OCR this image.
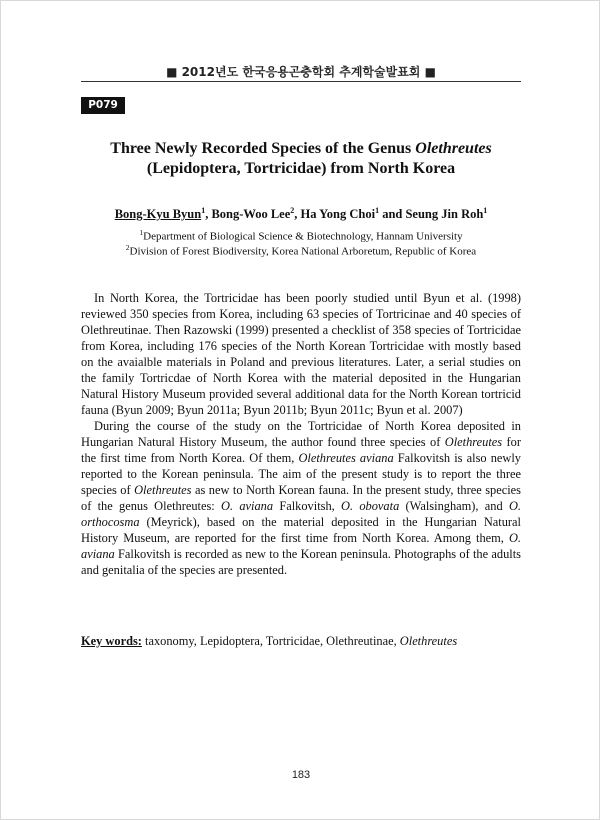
■ 2012년도 한국응용곤충학회 추계학술발표회 ■
P079
Three Newly Recorded Species of the Genus Olethreutes
(Lepidoptera, Tortricidae) from North Korea
Bong-Kyu Byun$^1$, Bong-Woo Lee$^2$, Ha Yong Choi$^1$ and Seung Jin Roh$^1$
$^1$Department of Biological Science & Biotechnology, Hannam University
$^2$Division of Forest Biodiversity, Korea National Arboretum, Republic of Korea

In North Korea, the Tortricidae has been poorly studied until Byun et al. (1998) reviewed 350 species from Korea, including 63 species of Tortricinae and 40 species of Olethreutinae. Then Razowski (1999) presented a checklist of 358 species of Tortricidae from Korea, including 176 species of the North Korean Tortricidae with mostly based on the avaialble materials in Poland and previous literatures. Later, a serial studies on the family Tortricdae of North Korea with the material deposited in the Hungarian Natural History Museum provided several additional data for the North Korean tortricid fauna (Byun 2009; Byun 2011a; Byun 2011b; Byun 2011c; Byun et al. 2007)

During the course of the study on the Tortricidae of North Korea deposited in Hungarian Natural History Museum, the author found three species of Olethreutes for the first time from North Korea. Of them, Olethreutes aviana Falkovitsh is also newly reported to the Korean peninsula. The aim of the present study is to report the three species of Olethreutes as new to North Korean fauna. In the present study, three species of the genus Olethreutes: O. aviana Falkovitsh, O. obovata (Walsingham), and O. orthocosma (Meyrick), based on the material deposited in the Hungarian Natural History Museum, are reported for the first time from North Korea. Among them, O. aviana Falkovitsh is recorded as new to the Korean peninsula. Photographs of the adults and genitalia of the species are presented.

Key words: taxonomy, Lepidoptera, Tortricidae, Olethreutinae, Olethreutes
183
